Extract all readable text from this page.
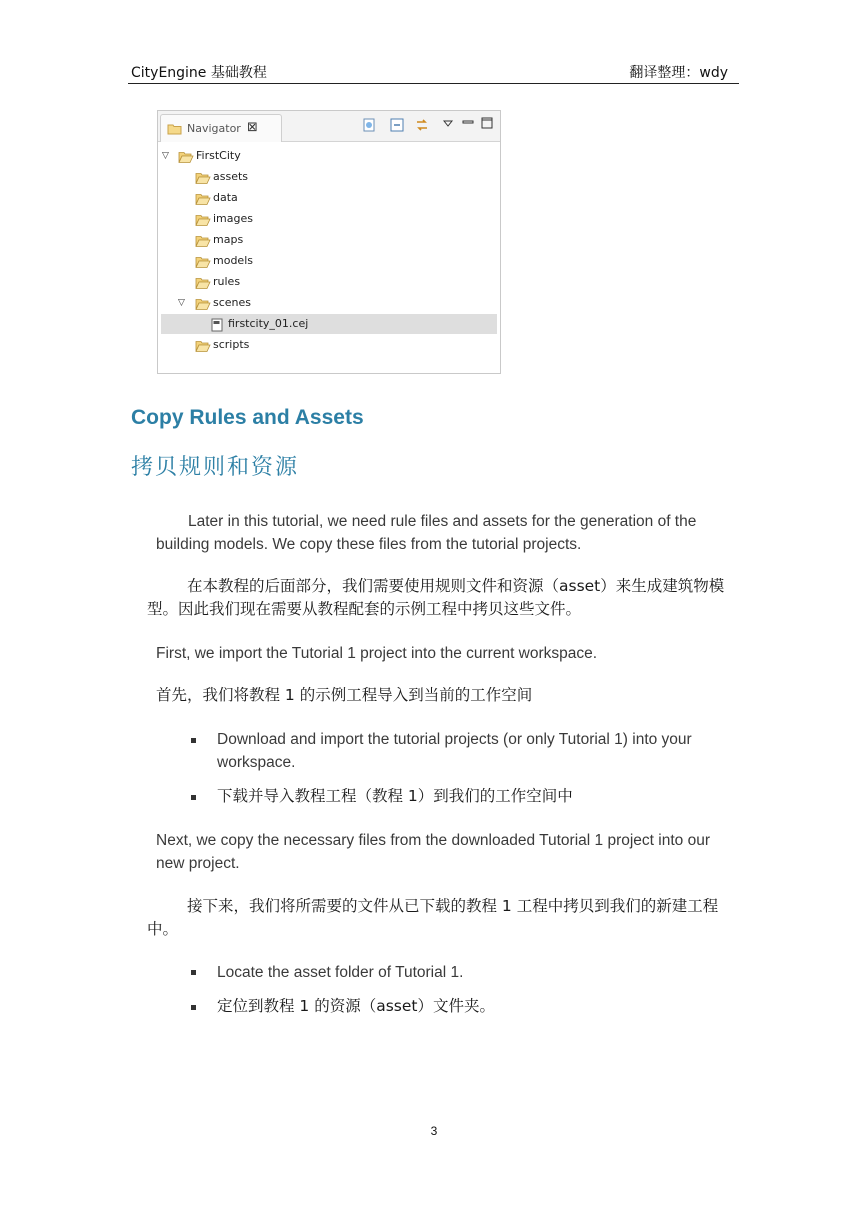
CityEngine 基础教程	翻译整理：wdy
Navigator ⊠
▽ FirstCity
assets
data
images
maps
models
rules
▽	scenes
firstcity_01.cej
scripts
Copy Rules and Assets
拷贝规则和资源
Later in this tutorial, we need rule files and assets for the generation of the building models. We copy these files from the tutorial projects.
在本教程的后面部分，我们需要使用规则文件和资源（asset）来生成建筑物模型。因此我们现在需要从教程配套的示例工程中拷贝这些文件。
First, we import the Tutorial 1 project into the current workspace.
首先，我们将教程 1 的示例工程导入到当前的工作空间
Download and import the tutorial projects (or only Tutorial 1) into your workspace.
下载并导入教程工程（教程 1）到我们的工作空间中
Next, we copy the necessary files from the downloaded Tutorial 1 project into our new project.
接下来，我们将所需要的文件从已下载的教程 1 工程中拷贝到我们的新建工程中。
Locate the asset folder of Tutorial 1.
定位到教程 1 的资源（asset）文件夹。
3
